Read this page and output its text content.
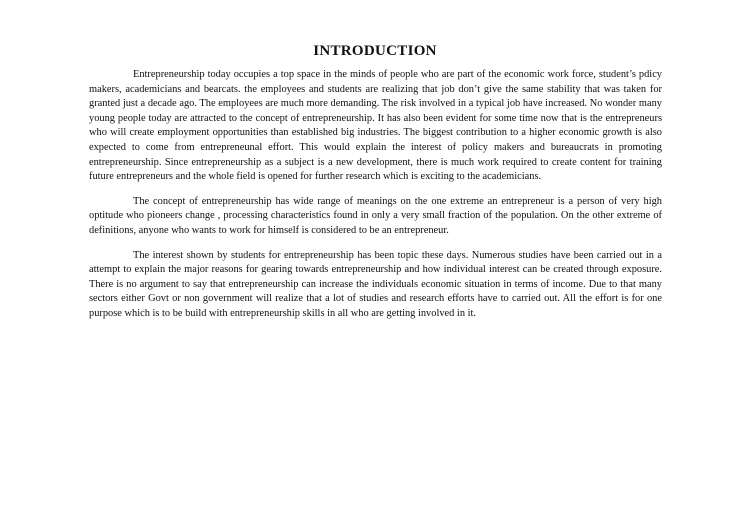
INTRODUCTION

Entrepreneurship today occupies a top space in the minds of people who are part of the economic work force, student’s pdicy makers, academicians and bearcats. the employees and students are realizing that job don’t give the same stability that was taken for granted just a decade ago. The employees are much more demanding. The risk involved in a typical job have increased. No wonder many young people today are attracted to the concept of entrepreneurship. It has also been evident for some time now that is the entrepreneurs who will create employment opportunities than established big industries. The biggest contribution to a higher economic growth is also expected to come from entrepreneunal effort. This would explain the interest of policy makers and bureaucrats in promoting entrepreneurship. Since entrepreneurship as a subject is a new development, there is much work required to create content for training future entrepreneurs and the whole field is opened for further research which is exciting to the academicians.

The concept of entrepreneurship has wide range of meanings on the one extreme an entrepreneur is a person of very high optitude who pioneers change , processing characteristics found in only a very small fraction of the population. On the other extreme of definitions, anyone who wants to work for himself is considered to be an entrepreneur.

The interest shown by students for entrepreneurship has been topic these days. Numerous studies have been carried out in a attempt to explain the major reasons for gearing towards entrepreneurship and how individual interest can be created through exposure. There is no argument to say that entrepreneurship can increase the individuals economic situation in terms of income. Due to that many sectors either Govt or non government will realize that a lot of studies and research efforts have to carried out. All the effort is for one purpose which is to be build with entrepreneurship skills in all who are getting involved in it.
